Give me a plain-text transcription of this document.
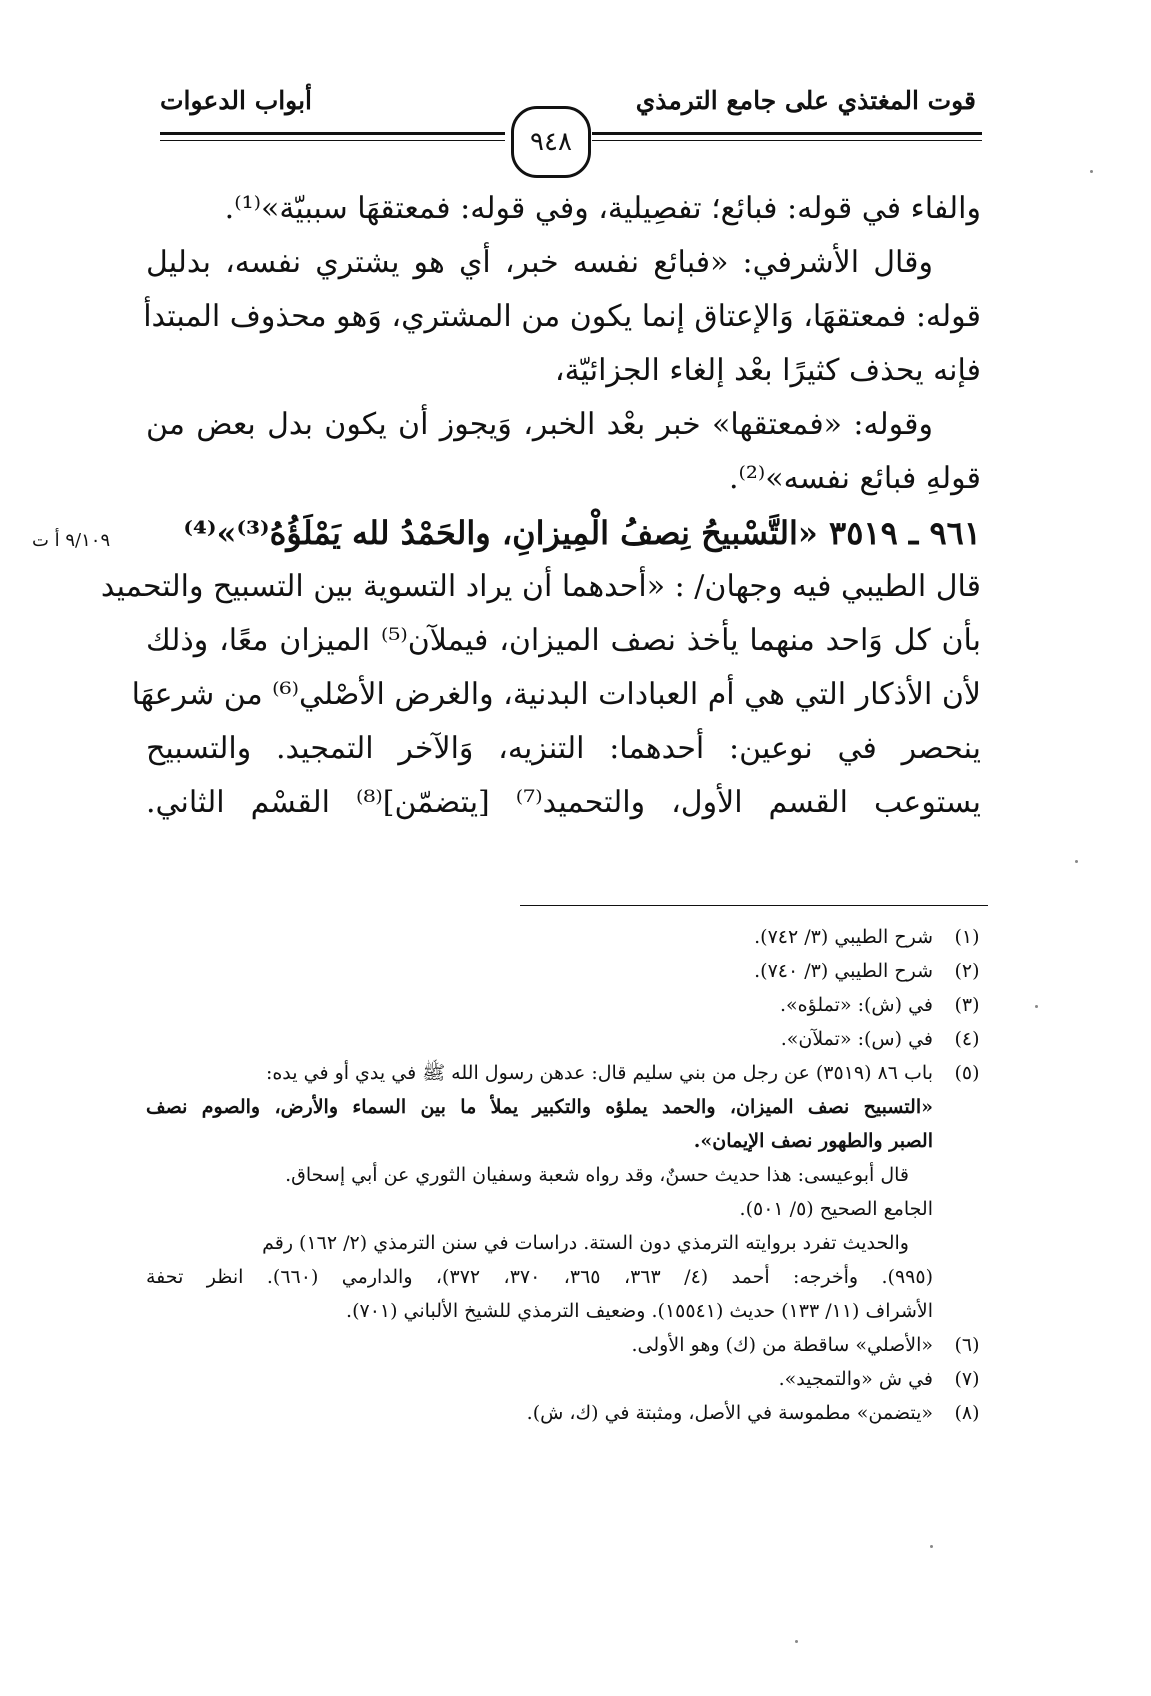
قوت المغتذي على جامع الترمذي
أبواب الدعوات
٩٤٨
٩/١٠٩ أ ت
والفاء في قوله: فبائع؛ تفصِيلية، وفي قوله: فمعتقهَا سببيّة»⁽¹⁾.
وقال الأشرفي: «فبائع نفسه خبر، أي هو يشتري نفسه، بدليل
قوله: فمعتقهَا، وَالإعتاق إنما يكون من المشتري، وَهو محذوف المبتدأ
فإنه يحذف كثيرًا بعْد إلغاء الجزائيّة،
وقوله: «فمعتقها» خبر بعْد الخبر، وَيجوز أن يكون بدل بعض من
قولهِ فبائع نفسه»⁽²⁾.
٩٦١ ـ ٣٥١٩ «التَّسْبيحُ نِصفُ الْمِيزانِ، والحَمْدُ لله يَمْلَؤُهُ⁽³⁾»⁽⁴⁾
قال الطيبي فيه وجهان/ : «أحدهما أن يراد التسوية بين التسبيح والتحميد
بأن كل وَاحد منهما يأخذ نصف الميزان، فيملآن⁽⁵⁾ الميزان معًا، وذلك
لأن الأذكار التي هي أم العبادات البدنية، والغرض الأصْلي⁽⁶⁾ من شرعهَا
ينحصر في نوعين: أحدهما: التنزيه، وَالآخر التمجيد. والتسبيح
يستوعب القسم الأول، والتحميد⁽⁷⁾ [يتضمّن]⁽⁸⁾ القسْم الثاني.
(١)
شرح الطيبي (٣/ ٧٤٢).
(٢)
شرح الطيبي (٣/ ٧٤٠).
(٣)
في (ش): «تملؤه».
(٤)
في (س): «تملآن».
(٥)
باب ٨٦ (٣٥١٩) عن رجل من بني سليم قال: عدهن رسول الله ﷺ في يدي أو في يده:
«التسبيح نصف الميزان، والحمد يملؤه والتكبير يملأ ما بين السماء والأرض، والصوم نصف
الصبر والطهور نصف الإيمان».
قال أبوعيسى: هذا حديث حسنٌ، وقد رواه شعبة وسفيان الثوري عن أبي إسحاق.
الجامع الصحيح (٥/ ٥٠١).
والحديث تفرد بروايته الترمذي دون الستة. دراسات في سنن الترمذي (٢/ ١٦٢) رقم
(٩٩٥). وأخرجه: أحمد (٤/ ٣٦٣، ٣٦٥، ٣٧٠، ٣٧٢)، والدارمي (٦٦٠). انظر تحفة
الأشراف (١١/ ١٣٣) حديث (١٥٥٤١). وضعيف الترمذي للشيخ الألباني (٧٠١).
(٦)
«الأصلي» ساقطة من (ك) وهو الأولى.
(٧)
في ش «والتمجيد».
(٨)
«يتضمن» مطموسة في الأصل، ومثبتة في (ك، ش).
